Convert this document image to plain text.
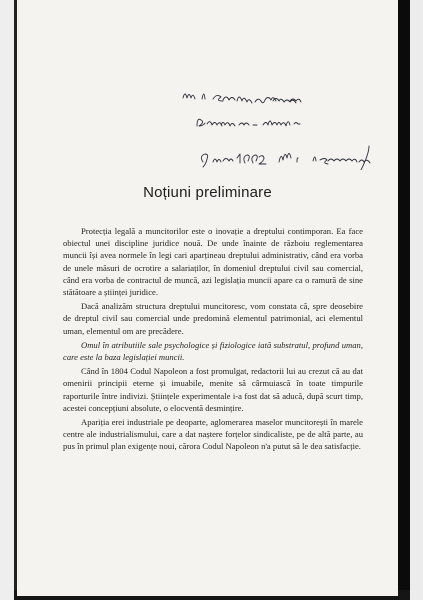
Noțiuni preliminare

Protecția legală a muncitorilor este o inovație a dreptului contimporan. Ea face obiectul unei discipline juridice nouă. De unde înainte de războiu reglementarea muncii își avea normele în legi cari aparțineau dreptului administrativ, când era vorba de unele măsuri de ocrotire a salariaților, în domeniul dreptului civil sau comercial, când era vorba de contractul de muncă, azi legislația muncii apare ca o ramură de sine stătătoare a științei juridice.

Dacă analizăm structura dreptului muncitoresc, vom constata că, spre deosebire de dreptul civil sau comercial unde predomină elementul patrimonial, aci elementul uman, elementul om are precădere.

Omul în atributiile sale psychologice și fiziologice iată substratul, profund uman, care este la baza legislației muncii.

Când în 1804 Codul Napoleon a fost promulgat, redactorii lui au crezut că au dat omenirii principii eterne și imuabile, menite să cârmuiască în toate timpurile raporturile între indivizi. Științele experimentale i-a fost dat să aducă, după scurt timp, acestei concepțiuni absolute, o elocventă desmințire.

Apariția erei industriale pe deoparte, aglomerarea maselor muncitorești în marele centre ale industrialismului, care a dat naștere forțelor sindicaliste, pe de altă parte, au pus în primul plan exigențe noui, cărora Codul Napoleon n'a putut să le dea satisfacție.
